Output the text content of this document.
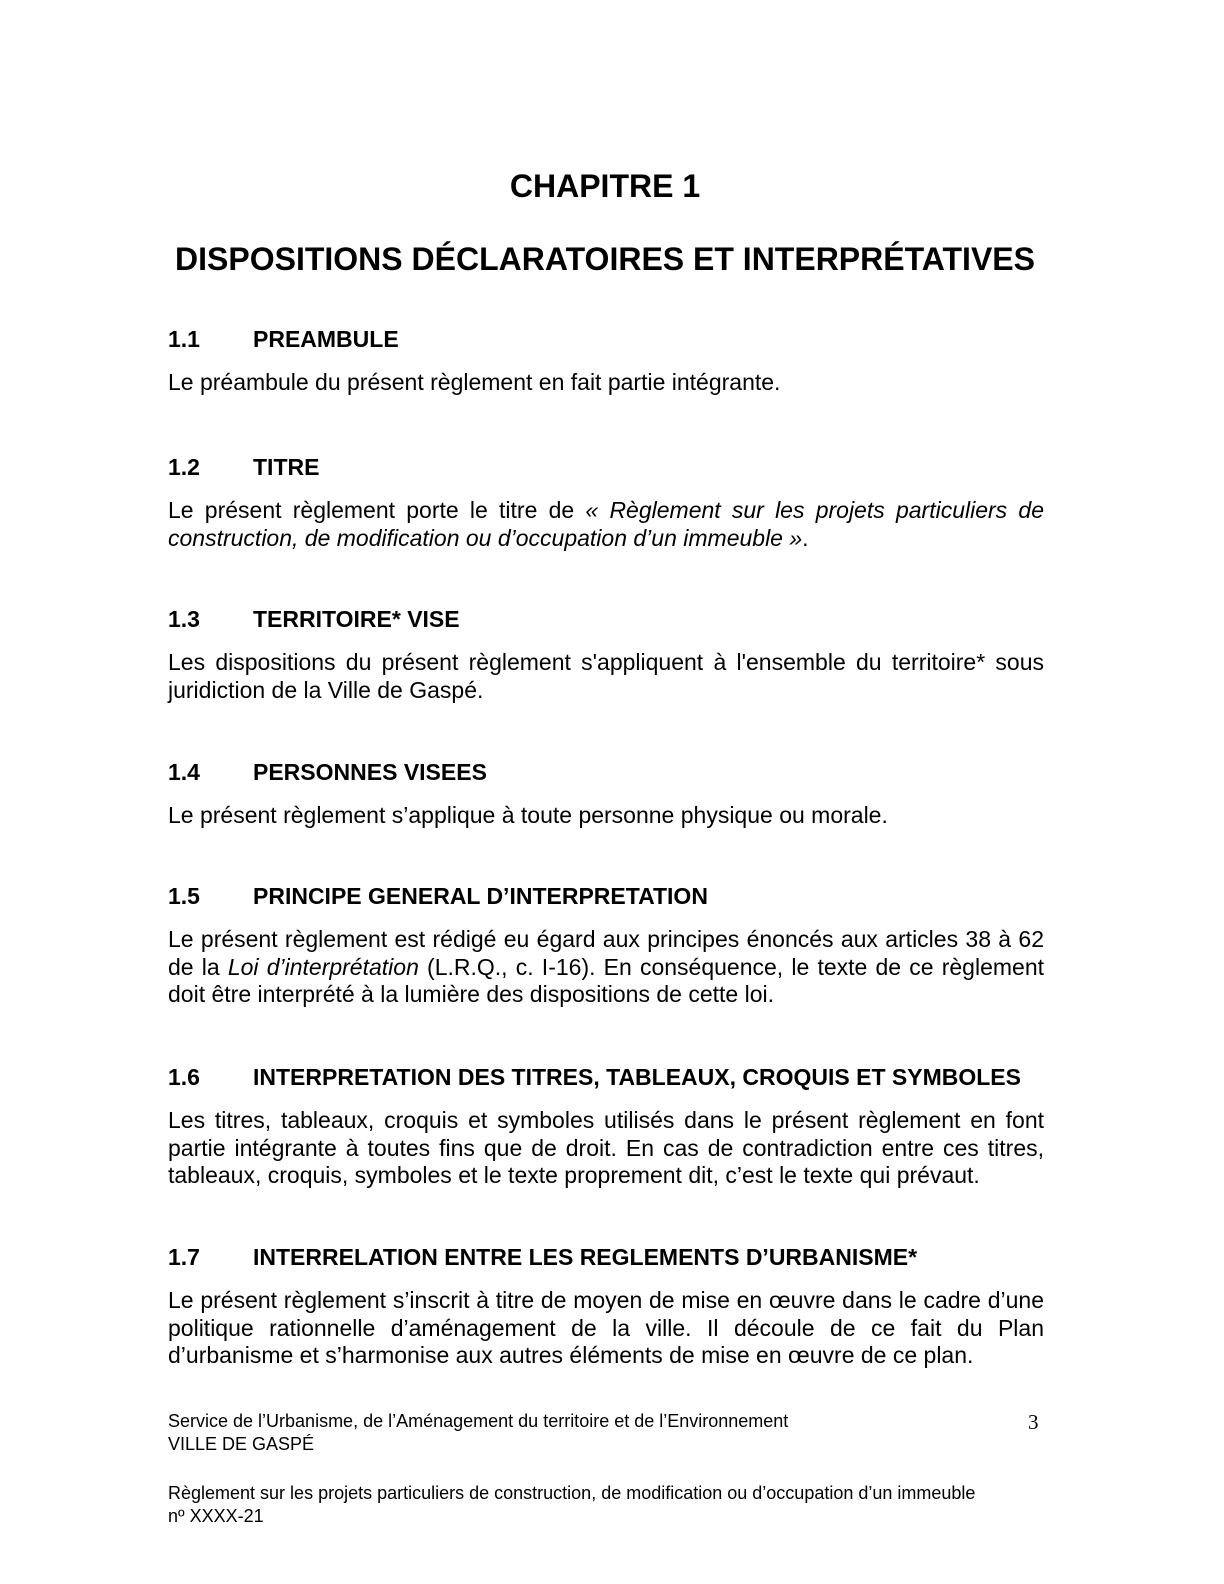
CHAPITRE 1
DISPOSITIONS DÉCLARATOIRES ET INTERPRÉTATIVES

1.1 PREAMBULE

Le préambule du présent règlement en fait partie intégrante.

1.2 TITRE

Le présent règlement porte le titre de « Règlement sur les projets particuliers de construction, de modification ou d’occupation d’un immeuble ».

1.3 TERRITOIRE* VISE

Les dispositions du présent règlement s'appliquent à l'ensemble du territoire* sous juridiction de la Ville de Gaspé.

1.4 PERSONNES VISEES

Le présent règlement s’applique à toute personne physique ou morale.

1.5 PRINCIPE GENERAL D’INTERPRETATION

Le présent règlement est rédigé eu égard aux principes énoncés aux articles 38 à 62 de la Loi d’interprétation (L.R.Q., c. I-16). En conséquence, le texte de ce règlement doit être interprété à la lumière des dispositions de cette loi.

1.6 INTERPRETATION DES TITRES, TABLEAUX, CROQUIS ET SYMBOLES

Les titres, tableaux, croquis et symboles utilisés dans le présent règlement en font partie intégrante à toutes fins que de droit. En cas de contradiction entre ces titres, tableaux, croquis, symboles et le texte proprement dit, c’est le texte qui prévaut.

1.7 INTERRELATION ENTRE LES REGLEMENTS D’URBANISME*

Le présent règlement s’inscrit à titre de moyen de mise en œuvre dans le cadre d’une politique rationnelle d’aménagement de la ville. Il découle de ce fait du Plan d’urbanisme et s’harmonise aux autres éléments de mise en œuvre de ce plan.

Service de l’Urbanisme, de l’Aménagement du territoire et de l’Environnement
VILLE DE GASPÉ
3
Règlement sur les projets particuliers de construction, de modification ou d’occupation d’un immeuble nº XXXX-21
